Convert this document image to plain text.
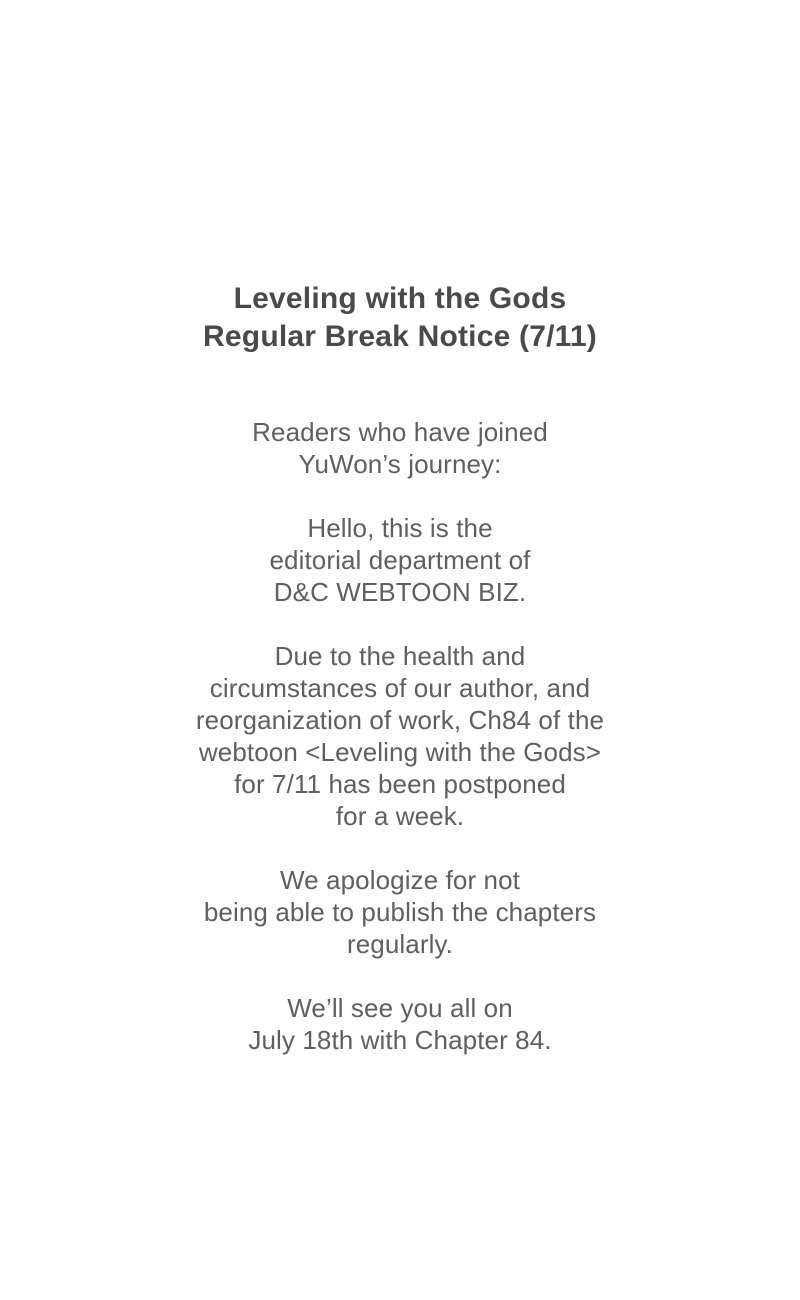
Leveling with the Gods
Regular Break Notice (7/11)

Readers who have joined
YuWon’s journey:

Hello, this is the
editorial department of
D&C WEBTOON BIZ.

Due to the health and
circumstances of our author, and
reorganization of work, Ch84 of the
webtoon <Leveling with the Gods>
for 7/11 has been postponed
for a week.

We apologize for not
being able to publish the chapters
regularly.

We’ll see you all on
July 18th with Chapter 84.
